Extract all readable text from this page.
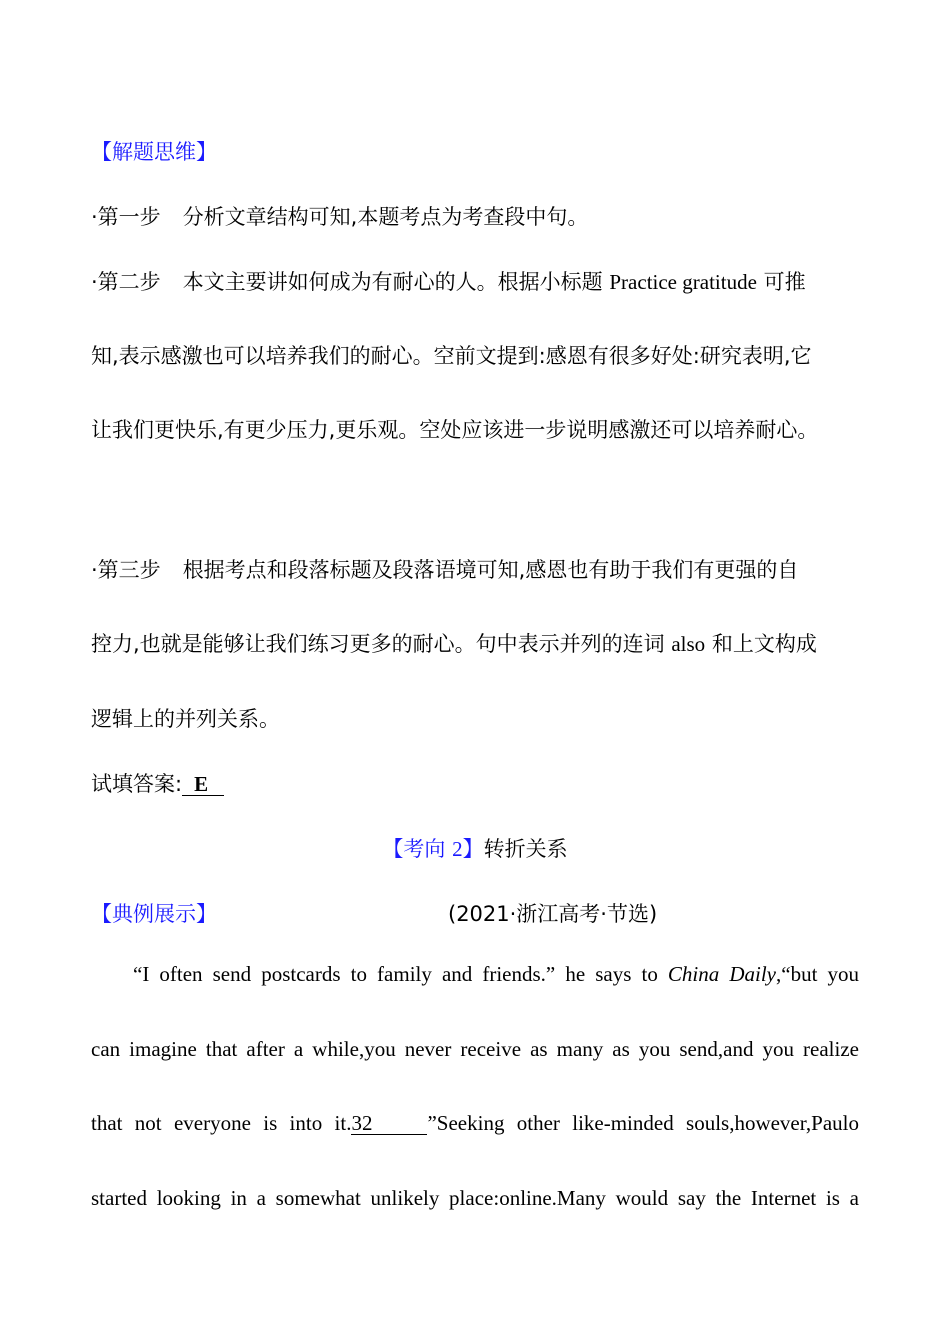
【解题思维】
·第一步 分析文章结构可知,本题考点为考查段中句。
·第二步 本文主要讲如何成为有耐心的人。根据小标题 Practice gratitude 可推
知,表示感激也可以培养我们的耐心。空前文提到:感恩有很多好处:研究表明,它
让我们更快乐,有更少压力,更乐观。空处应该进一步说明感激还可以培养耐心。
·第三步 根据考点和段落标题及段落语境可知,感恩也有助于我们有更强的自
控力,也就是能够让我们练习更多的耐心。句中表示并列的连词 also 和上文构成
逻辑上的并列关系。
试填答案: E
【考向 2】转折关系
【典例展示】	(2021·浙江高考·节选)
“I often send postcards to family and friends.” he says to China Daily,“but you
can imagine that after a while,you never receive as many as you send,and you realize
that not everyone is into it.32	”Seeking other like-minded souls,however,Paulo
started looking in a somewhat unlikely place:online.Many would say the Internet is a
